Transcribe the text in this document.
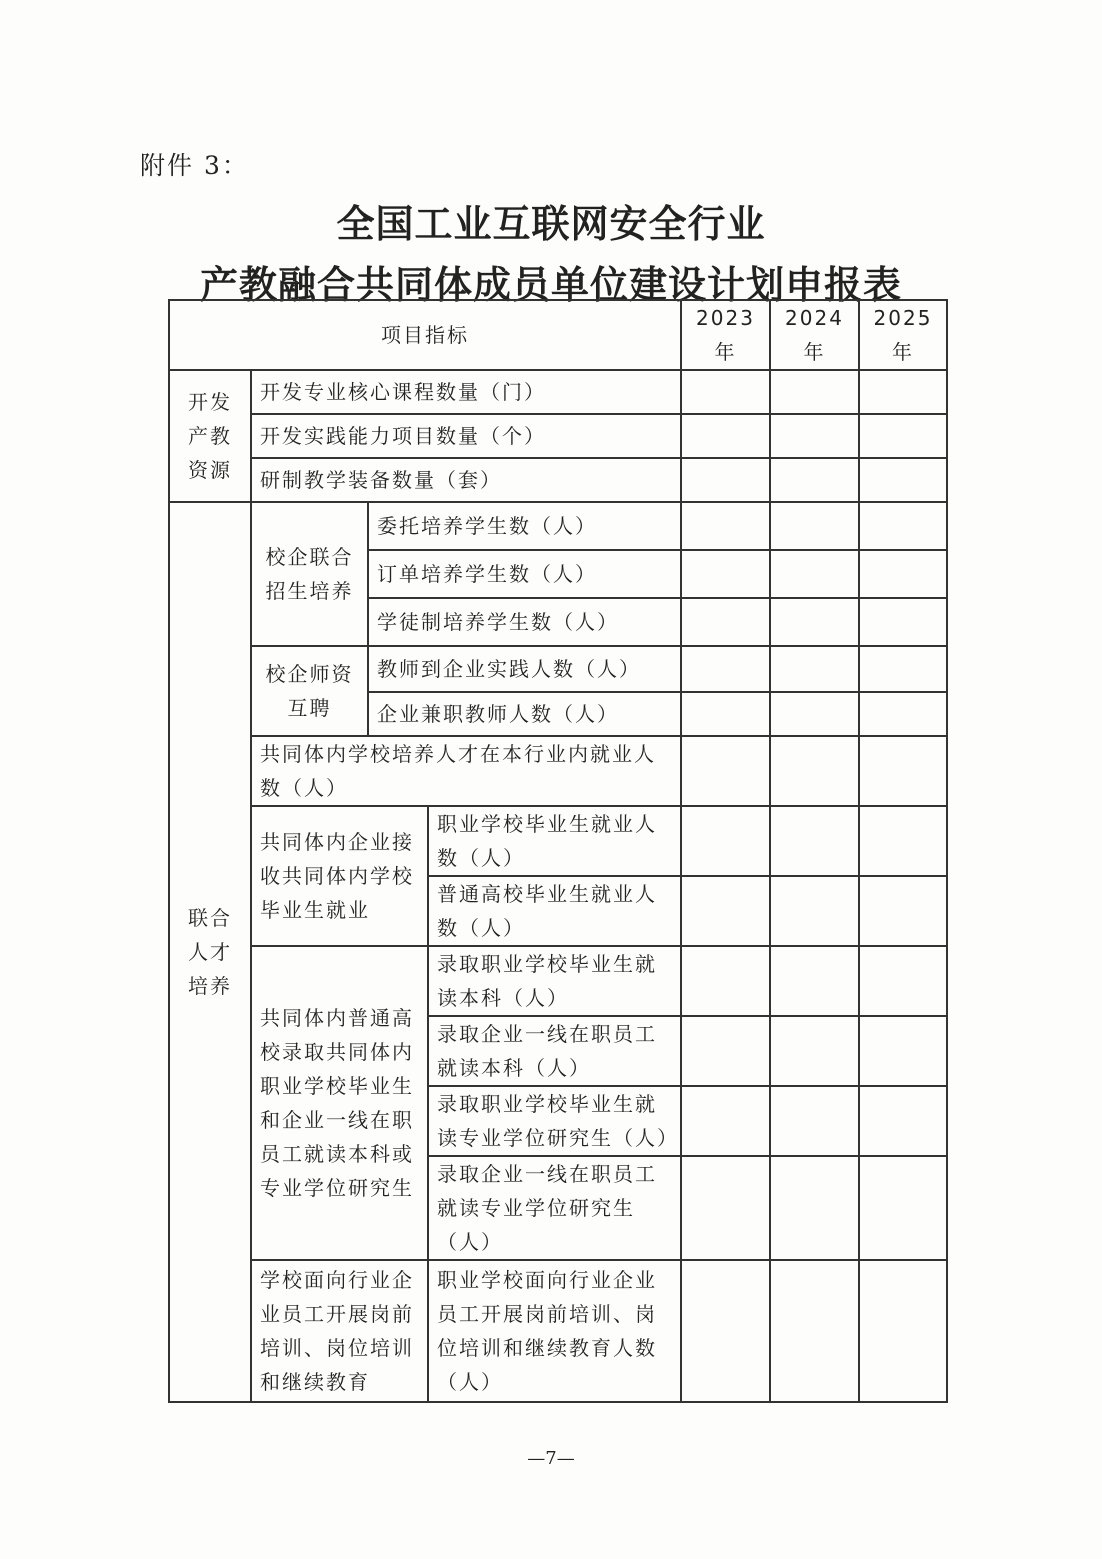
附件 3：
全国工业互联网安全行业
产教融合共同体成员单位建设计划申报表
项目指标				2023年	2024年	2025年
开发产教资源	开发专业核心课程数量（门）					
	开发实践能力项目数量（个）					
	研制教学装备数量（套）					
联合人才培养	校企联合招生培养	委托培养学生数（人）				
		订单培养学生数（人）				
		学徒制培养学生数（人）				
	校企师资互聘	教师到企业实践人数（人）				
		企业兼职教师人数（人）				
	共同体内学校培养人才在本行业内就业人数（人）					
	共同体内企业接收共同体内学校毕业生就业		职业学校毕业生就业人数（人）			
			普通高校毕业生就业人数（人）			
	共同体内普通高校录取共同体内职业学校毕业生和企业一线在职员工就读本科或专业学位研究生		录取职业学校毕业生就读本科（人）			
			录取企业一线在职员工就读本科（人）			
			录取职业学校毕业生就读专业学位研究生（人）			
			录取企业一线在职员工就读专业学位研究生（人）			
	学校面向行业企业员工开展岗前培训、岗位培训和继续教育		职业学校面向行业企业员工开展岗前培训、岗位培训和继续教育人数（人）			
—7—
